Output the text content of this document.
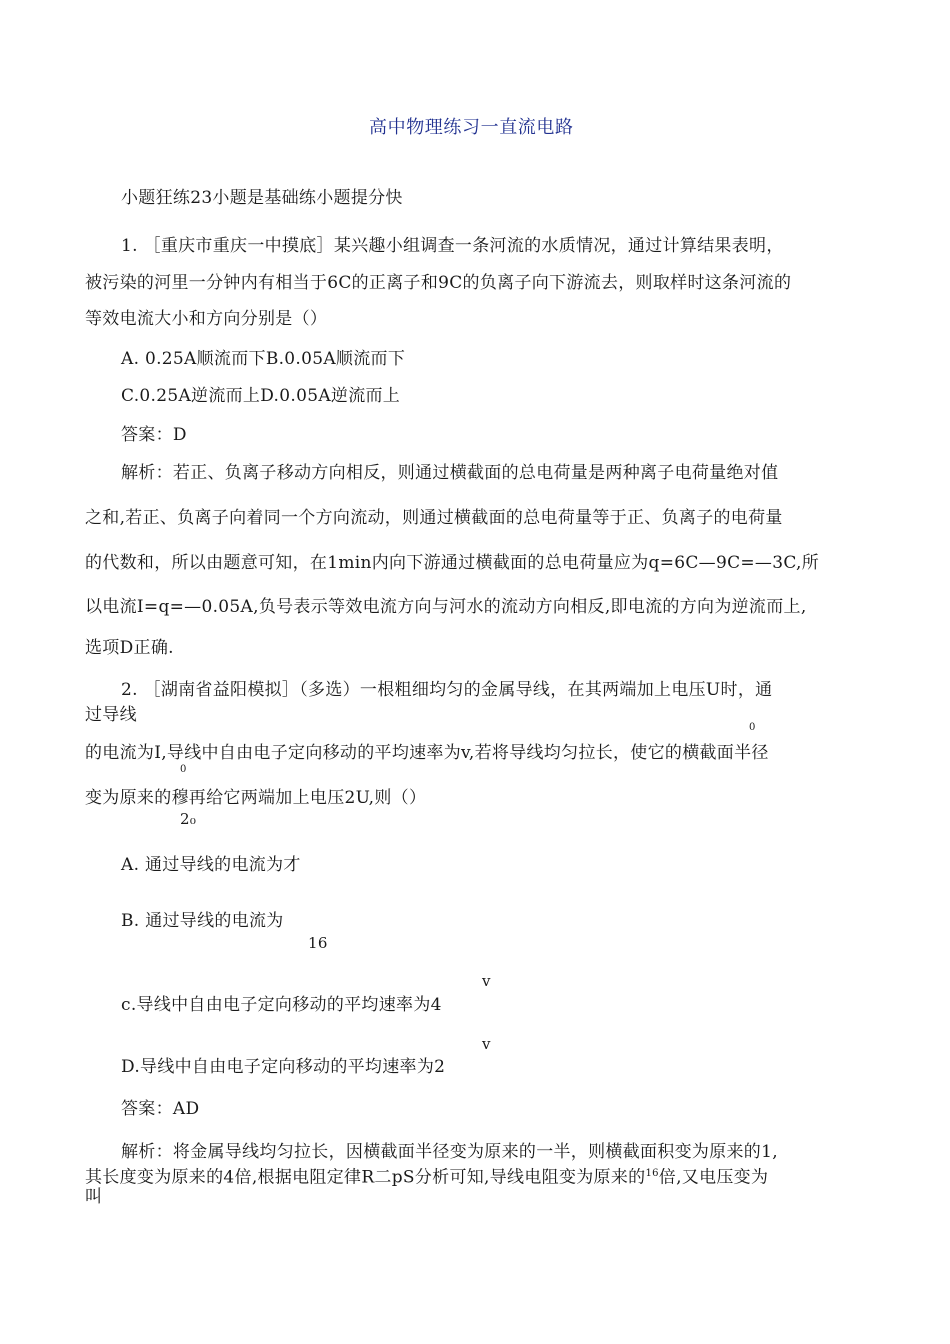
高中物理练习一直流电路
小题狂练23小题是基础练小题提分快
1. ［重庆市重庆一中摸底］某兴趣小组调查一条河流的水质情况，通过计算结果表明，
被污染的河里一分钟内有相当于6C的正离子和9C的负离子向下游流去，则取样时这条河流的
等效电流大小和方向分别是（）
A. 0.25A顺流而下B.0.05A顺流而下
C.0.25A逆流而上D.0.05A逆流而上
答案：D
解析：若正、负离子移动方向相反，则通过横截面的总电荷量是两种离子电荷量绝对值
之和,若正、负离子向着同一个方向流动，则通过横截面的总电荷量等于正、负离子的电荷量
的代数和，所以由题意可知，在1min内向下游通过横截面的总电荷量应为q=6C—9C=—3C,所
以电流I=q=—0.05A,负号表示等效电流方向与河水的流动方向相反,即电流的方向为逆流而上,
选项D正确.
2. ［湖南省益阳模拟］（多选）一根粗细均匀的金属导线，在其两端加上电压U时，通
过导线
0
的电流为I,导线中自由电子定向移动的平均速率为v,若将导线均匀拉长，使它的横截面半径
0
变为原来的穆再给它两端加上电压2U,则（）
2₀
A. 通过导线的电流为才
B. 通过导线的电流为
16
v
c.导线中自由电子定向移动的平均速率为4
v
D.导线中自由电子定向移动的平均速率为2
答案：AD
解析：将金属导线均匀拉长，因横截面半径变为原来的一半，则横截面积变为原来的1,
其长度变为原来的4倍,根据电阻定律R二pS分析可知,导线电阻变为原来的$^{16}$倍,又电压变为
叫
